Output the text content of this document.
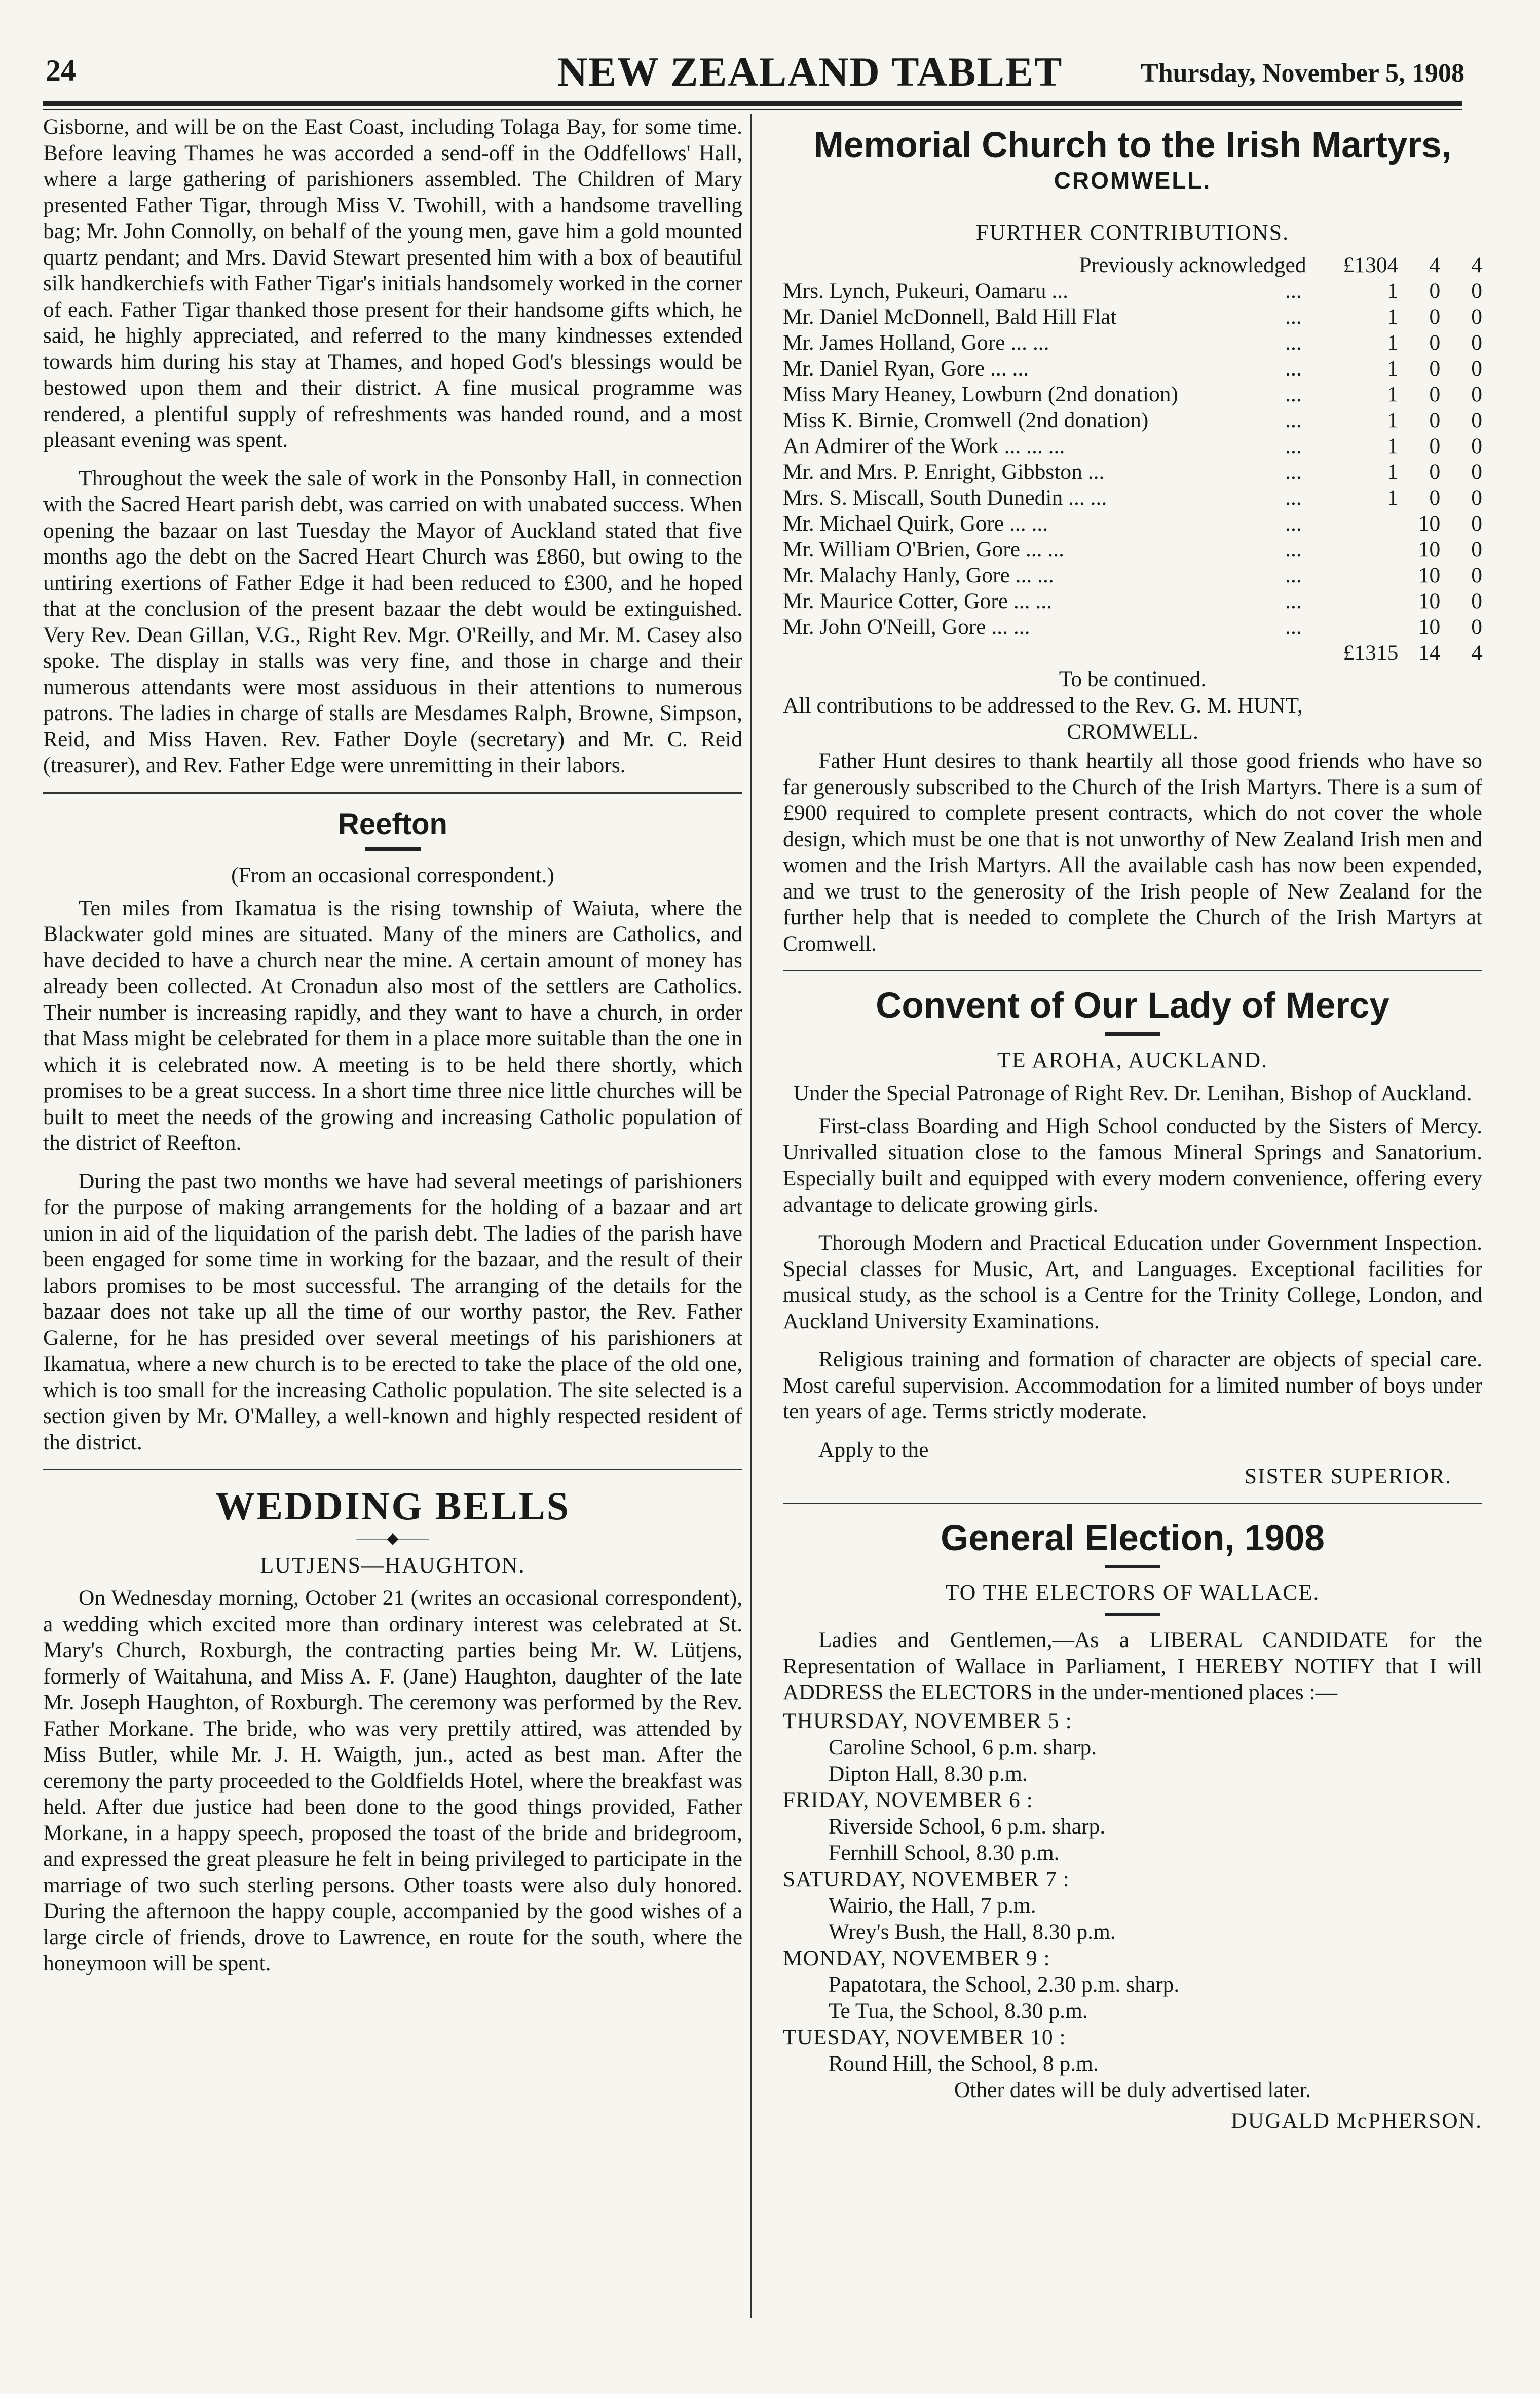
24	NEW ZEALAND TABLET	Thursday, November 5, 1908

Gisborne, and will be on the East Coast, including Tolaga Bay, for some time. Before leaving Thames he was accorded a send-off in the Oddfellows' Hall, where a large gathering of parishioners assembled. The Children of Mary presented Father Tigar, through Miss V. Twohill, with a handsome travelling bag; Mr. John Connolly, on behalf of the young men, gave him a gold mounted quartz pendant; and Mrs. David Stewart presented him with a box of beautiful silk handkerchiefs with Father Tigar's initials handsomely worked in the corner of each. Father Tigar thanked those present for their handsome gifts which, he said, he highly appreciated, and referred to the many kindnesses extended towards him during his stay at Thames, and hoped God's blessings would be bestowed upon them and their district. A fine musical programme was rendered, a plentiful supply of refreshments was handed round, and a most pleasant evening was spent.

Throughout the week the sale of work in the Ponsonby Hall, in connection with the Sacred Heart parish debt, was carried on with unabated success. When opening the bazaar on last Tuesday the Mayor of Auckland stated that five months ago the debt on the Sacred Heart Church was £860, but owing to the untiring exertions of Father Edge it had been reduced to £300, and he hoped that at the conclusion of the present bazaar the debt would be extinguished. Very Rev. Dean Gillan, V.G., Right Rev. Mgr. O'Reilly, and Mr. M. Casey also spoke. The display in stalls was very fine, and those in charge and their numerous attendants were most assiduous in their attentions to numerous patrons. The ladies in charge of stalls are Mesdames Ralph, Browne, Simpson, Reid, and Miss Haven. Rev. Father Doyle (secretary) and Mr. C. Reid (treasurer), and Rev. Father Edge were unremitting in their labors.

Reefton

(From an occasional correspondent.)

Ten miles from Ikamatua is the rising township of Waiuta, where the Blackwater gold mines are situated. Many of the miners are Catholics, and have decided to have a church near the mine. A certain amount of money has already been collected. At Cronadun also most of the settlers are Catholics. Their number is increasing rapidly, and they want to have a church, in order that Mass might be celebrated for them in a place more suitable than the one in which it is celebrated now. A meeting is to be held there shortly, which promises to be a great success. In a short time three nice little churches will be built to meet the needs of the growing and increasing Catholic population of the district of Reefton.

During the past two months we have had several meetings of parishioners for the purpose of making arrangements for the holding of a bazaar and art union in aid of the liquidation of the parish debt. The ladies of the parish have been engaged for some time in working for the bazaar, and the result of their labors promises to be most successful. The arranging of the details for the bazaar does not take up all the time of our worthy pastor, the Rev. Father Galerne, for he has presided over several meetings of his parishioners at Ikamatua, where a new church is to be erected to take the place of the old one, which is too small for the increasing Catholic population. The site selected is a section given by Mr. O'Malley, a well-known and highly respected resident of the district.

WEDDING BELLS
——◆——

LUTJENS—HAUGHTON.

On Wednesday morning, October 21 (writes an occasional correspondent), a wedding which excited more than ordinary interest was celebrated at St. Mary's Church, Roxburgh, the contracting parties being Mr. W. Lütjens, formerly of Waitahuna, and Miss A. F. (Jane) Haughton, daughter of the late Mr. Joseph Haughton, of Roxburgh. The ceremony was performed by the Rev. Father Morkane. The bride, who was very prettily attired, was attended by Miss Butler, while Mr. J. H. Waigth, jun., acted as best man. After the ceremony the party proceeded to the Goldfields Hotel, where the breakfast was held. After due justice had been done to the good things provided, Father Morkane, in a happy speech, proposed the toast of the bride and bridegroom, and expressed the great pleasure he felt in being privileged to participate in the marriage of two such sterling persons. Other toasts were also duly honored. During the afternoon the happy couple, accompanied by the good wishes of a large circle of friends, drove to Lawrence, en route for the south, where the honeymoon will be spent.

Memorial Church to the Irish Martyrs,

CROMWELL.

FURTHER CONTRIBUTIONS.

Previously acknowledged		£1304	4	4
Mrs. Lynch, Pukeuri, Oamaru ...	...	1	0	0
Mr. Daniel McDonnell, Bald Hill Flat	...	1	0	0
Mr. James Holland, Gore ... ...	...	1	0	0
Mr. Daniel Ryan, Gore ... ...	...	1	0	0
Miss Mary Heaney, Lowburn (2nd donation)	...	1	0	0
Miss K. Birnie, Cromwell (2nd donation)	...	1	0	0
An Admirer of the Work ... ... ...	...	1	0	0
Mr. and Mrs. P. Enright, Gibbston ...	...	1	0	0
Mrs. S. Miscall, South Dunedin ... ...	...	1	0	0
Mr. Michael Quirk, Gore ... ...	...		10	0
Mr. William O'Brien, Gore ... ...	...		10	0
Mr. Malachy Hanly, Gore ... ...	...		10	0
Mr. Maurice Cotter, Gore ... ...	...		10	0
Mr. John O'Neill, Gore ... ...	...		10	0
		£1315	14	4

To be continued.

All contributions to be addressed to the Rev. G. M. HUNT,

CROMWELL.

Father Hunt desires to thank heartily all those good friends who have so far generously subscribed to the Church of the Irish Martyrs. There is a sum of £900 required to complete present contracts, which do not cover the whole design, which must be one that is not unworthy of New Zealand Irish men and women and the Irish Martyrs. All the available cash has now been expended, and we trust to the generosity of the Irish people of New Zealand for the further help that is needed to complete the Church of the Irish Martyrs at Cromwell.

Convent of Our Lady of Mercy

TE AROHA, AUCKLAND.

Under the Special Patronage of Right Rev. Dr. Lenihan, Bishop of Auckland.

First-class Boarding and High School conducted by the Sisters of Mercy. Unrivalled situation close to the famous Mineral Springs and Sanatorium. Especially built and equipped with every modern convenience, offering every advantage to delicate growing girls.

Thorough Modern and Practical Education under Government Inspection. Special classes for Music, Art, and Languages. Exceptional facilities for musical study, as the school is a Centre for the Trinity College, London, and Auckland University Examinations.

Religious training and formation of character are objects of special care. Most careful supervision. Accommodation for a limited number of boys under ten years of age. Terms strictly moderate.

Apply to the

SISTER SUPERIOR.

General Election, 1908

TO THE ELECTORS OF WALLACE.

Ladies and Gentlemen,—As a LIBERAL CANDIDATE for the Representation of Wallace in Parliament, I HEREBY NOTIFY that I will ADDRESS the ELECTORS in the under-mentioned places :—

THURSDAY, NOVEMBER 5 :

Caroline School, 6 p.m. sharp.

Dipton Hall, 8.30 p.m.

FRIDAY, NOVEMBER 6 :

Riverside School, 6 p.m. sharp.

Fernhill School, 8.30 p.m.

SATURDAY, NOVEMBER 7 :

Wairio, the Hall, 7 p.m.

Wrey's Bush, the Hall, 8.30 p.m.

MONDAY, NOVEMBER 9 :

Papatotara, the School, 2.30 p.m. sharp.

Te Tua, the School, 8.30 p.m.

TUESDAY, NOVEMBER 10 :

Round Hill, the School, 8 p.m.

Other dates will be duly advertised later.

DUGALD McPHERSON.
